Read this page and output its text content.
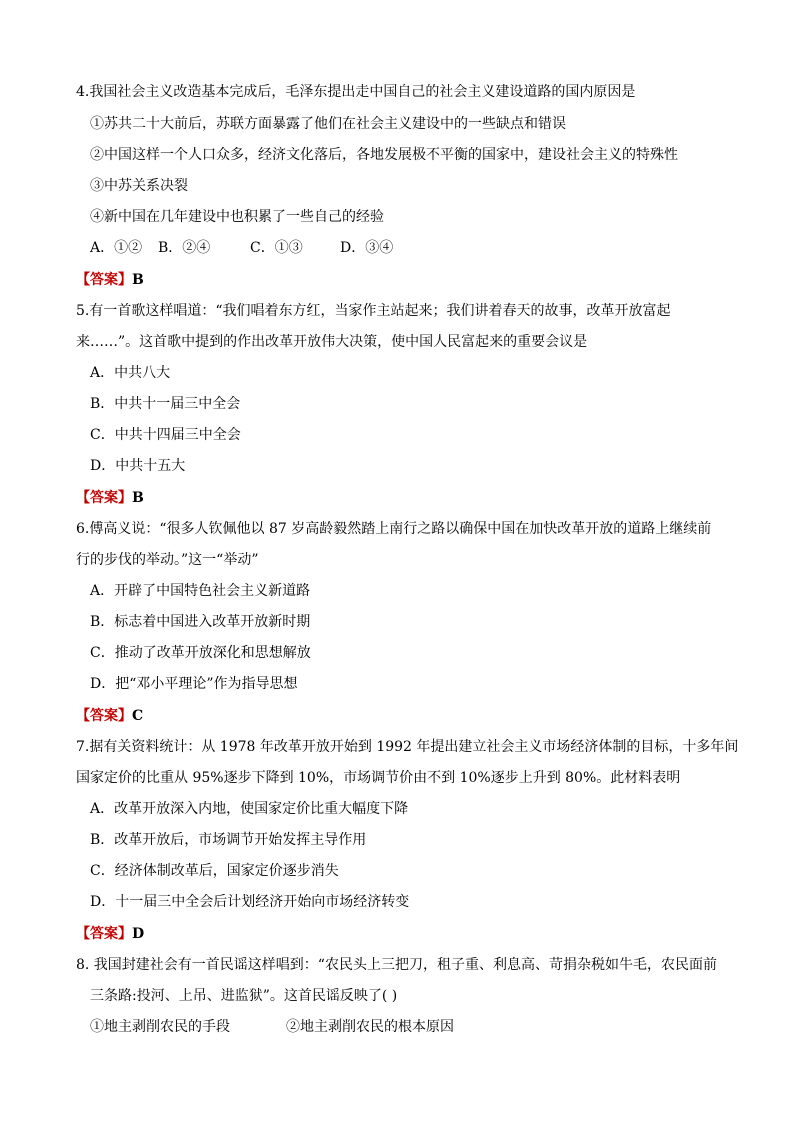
4.我国社会主义改造基本完成后，毛泽东提出走中国自己的社会主义建设道路的国内原因是
①苏共二十大前后，苏联方面暴露了他们在社会主义建设中的一些缺点和错误
②中国这样一个人口众多，经济文化落后，各地发展极不平衡的国家中，建设社会主义的特殊性
③中苏关系决裂
④新中国在几年建设中也积累了一些自己的经验
A．①② B．②④	C．①③	D．③④
【答案】B
5.有一首歌这样唱道：“我们唱着东方红，当家作主站起来；我们讲着春天的故事，改革开放富起
来……”。这首歌中提到的作出改革开放伟大决策，使中国人民富起来的重要会议是
A．中共八大
B．中共十一届三中全会
C．中共十四届三中全会
D．中共十五大
【答案】B
6.傅高义说：“很多人钦佩他以 87 岁高龄毅然踏上南行之路以确保中国在加快改革开放的道路上继续前
行的步伐的举动。”这一“举动”
A．开辟了中国特色社会主义新道路
B．标志着中国进入改革开放新时期
C．推动了改革开放深化和思想解放
D．把“邓小平理论”作为指导思想
【答案】C
7.据有关资料统计：从 1978 年改革开放开始到 1992 年提出建立社会主义市场经济体制的目标，十多年间
国家定价的比重从 95%逐步下降到 10%，市场调节价由不到 10%逐步上升到 80%。此材料表明
A．改革开放深入内地，使国家定价比重大幅度下降
B．改革开放后，市场调节开始发挥主导作用
C．经济体制改革后，国家定价逐步消失
D．十一届三中全会后计划经济开始向市场经济转变
【答案】D
8. 我国封建社会有一首民谣这样唱到：“农民头上三把刀，租子重、利息高、苛捐杂税如牛毛，农民面前
三条路:投河、上吊、进监狱”。这首民谣反映了( )
①地主剥削农民的手段	②地主剥削农民的根本原因
